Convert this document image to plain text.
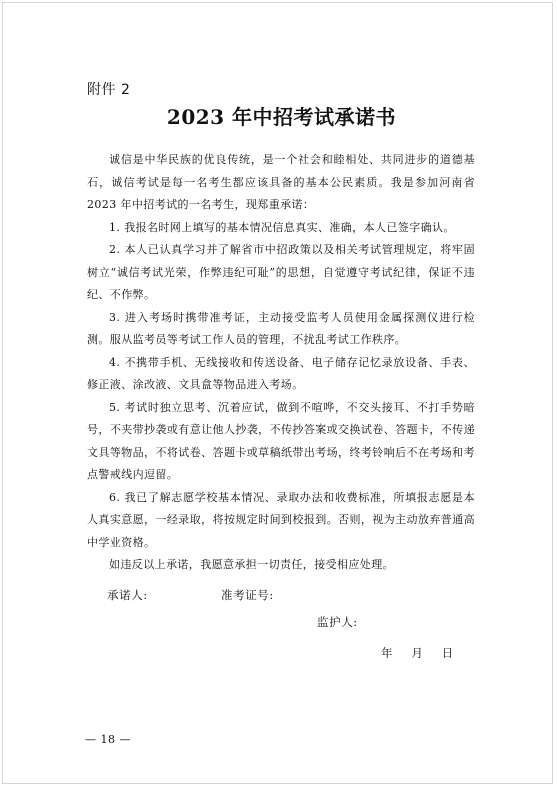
附件 2
2023 年中招考试承诺书

诚信是中华民族的优良传统，是一个社会和睦相处、共同进步的道德基石，诚信考试是每一名考生都应该具备的基本公民素质。我是参加河南省 2023 年中招考试的一名考生，现郑重承诺：

1. 我报名时网上填写的基本情况信息真实、准确，本人已签字确认。

2. 本人已认真学习并了解省市中招政策以及相关考试管理规定，将牢固树立“诚信考试光荣，作弊违纪可耻”的思想，自觉遵守考试纪律，保证不违纪、不作弊。

3. 进入考场时携带准考证，主动接受监考人员使用金属探测仪进行检测。服从监考员等考试工作人员的管理，不扰乱考试工作秩序。

4. 不携带手机、无线接收和传送设备、电子储存记忆录放设备、手表、修正液、涂改液、文具盒等物品进入考场。

5. 考试时独立思考、沉着应试，做到不喧哗，不交头接耳、不打手势暗号，不夹带抄袭或有意让他人抄袭，不传抄答案或交换试卷、答题卡，不传递文具等物品，不将试卷、答题卡或草稿纸带出考场，终考铃响后不在考场和考点警戒线内逗留。

6. 我已了解志愿学校基本情况、录取办法和收费标准，所填报志愿是本人真实意愿，一经录取，将按规定时间到校报到。否则，视为主动放弃普通高中学业资格。

如违反以上承诺，我愿意承担一切责任，接受相应处理。

承诺人:	准考证号:
监护人:
年 月 日
— 18 —
